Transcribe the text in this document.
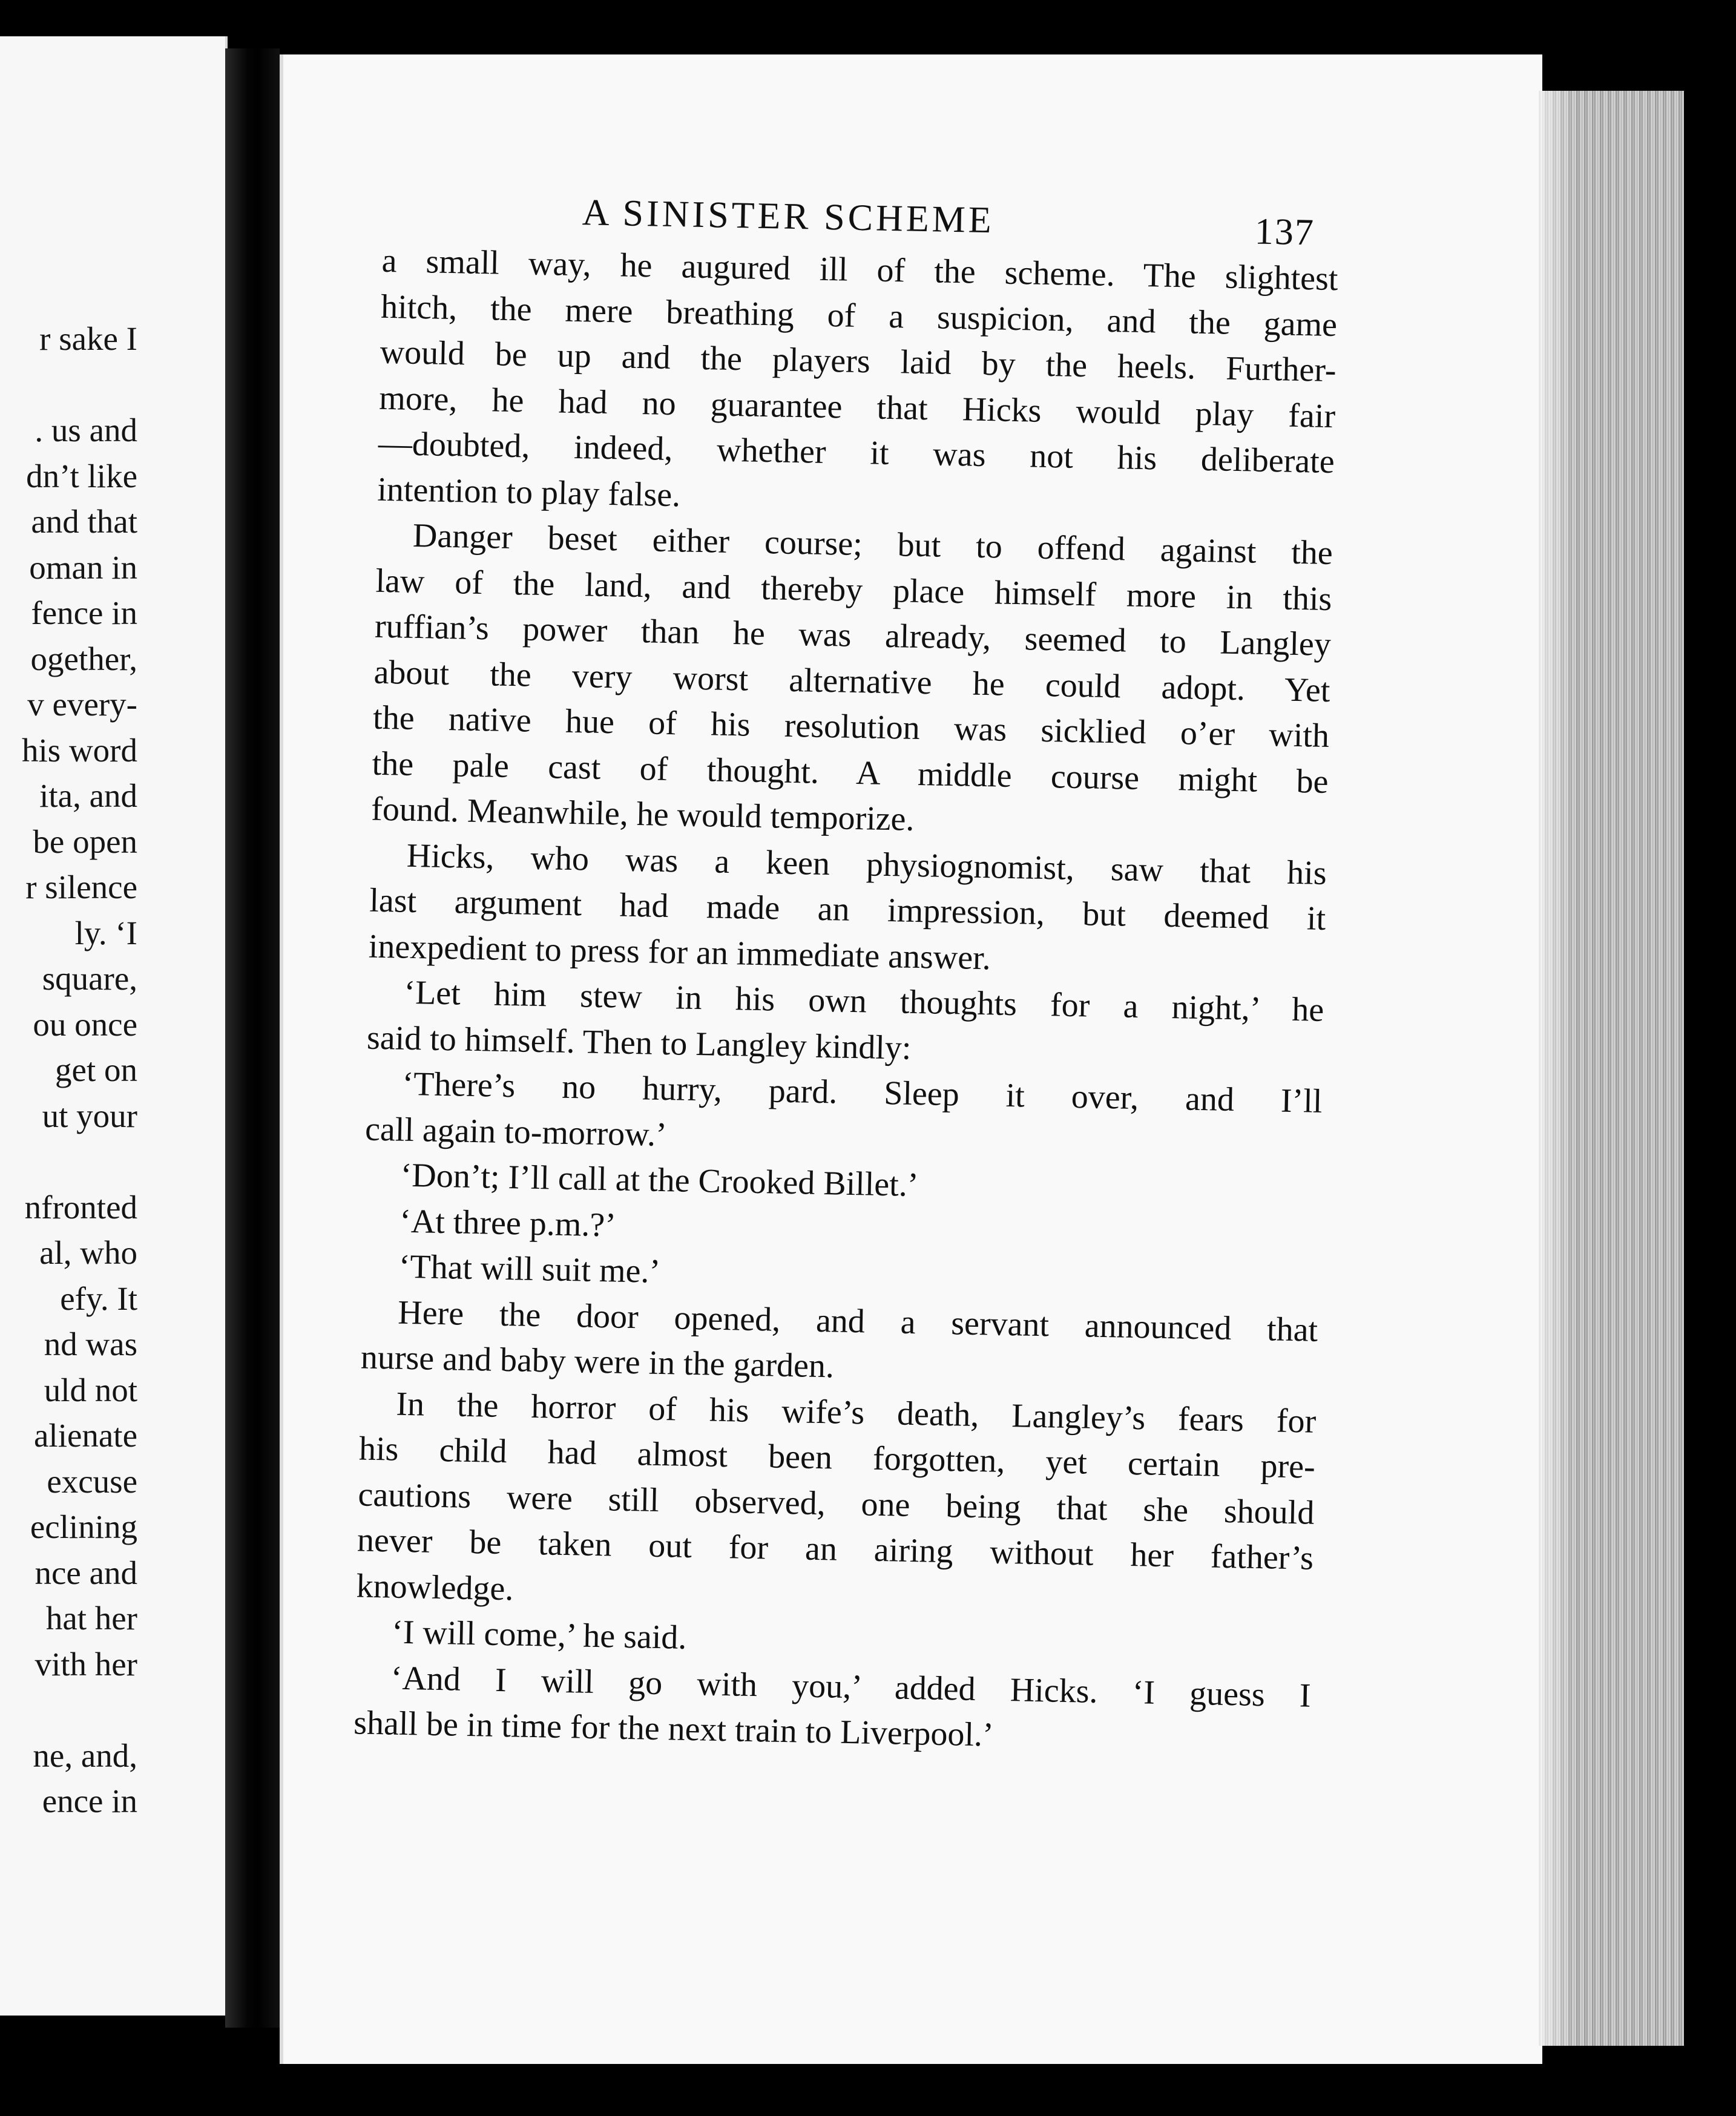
r sake I
. us and
dn’t like
and that
oman in
fence in
ogether,
v every-
his word
ita, and
be open
r silence
ly. ‘I
square,
ou once
get on
ut your
nfronted
al, who
efy. It
nd was
uld not
alienate
excuse
eclining
nce and
hat her
vith her
ne, and,
ence in
A SINISTER SCHEME	137
a small way, he augured ill of the scheme. The slightest
hitch, the mere breathing of a suspicion, and the game
would be up and the players laid by the heels. Further-
more, he had no guarantee that Hicks would play fair
—doubted, indeed, whether it was not his deliberate
intention to play false.
Danger beset either course; but to offend against the
law of the land, and thereby place himself more in this
ruffian’s power than he was already, seemed to Langley
about the very worst alternative he could adopt. Yet
the native hue of his resolution was sicklied o’er with
the pale cast of thought. A middle course might be
found. Meanwhile, he would temporize.
Hicks, who was a keen physiognomist, saw that his
last argument had made an impression, but deemed it
inexpedient to press for an immediate answer.
‘Let him stew in his own thoughts for a night,’ he
said to himself. Then to Langley kindly:
‘There’s no hurry, pard. Sleep it over, and I’ll
call again to-morrow.’
‘Don’t; I’ll call at the Crooked Billet.’
‘At three p.m.?’
‘That will suit me.’
Here the door opened, and a servant announced that
nurse and baby were in the garden.
In the horror of his wife’s death, Langley’s fears for
his child had almost been forgotten, yet certain pre-
cautions were still observed, one being that she should
never be taken out for an airing without her father’s
knowledge.
‘I will come,’ he said.
‘And I will go with you,’ added Hicks. ‘I guess I
shall be in time for the next train to Liverpool.’
